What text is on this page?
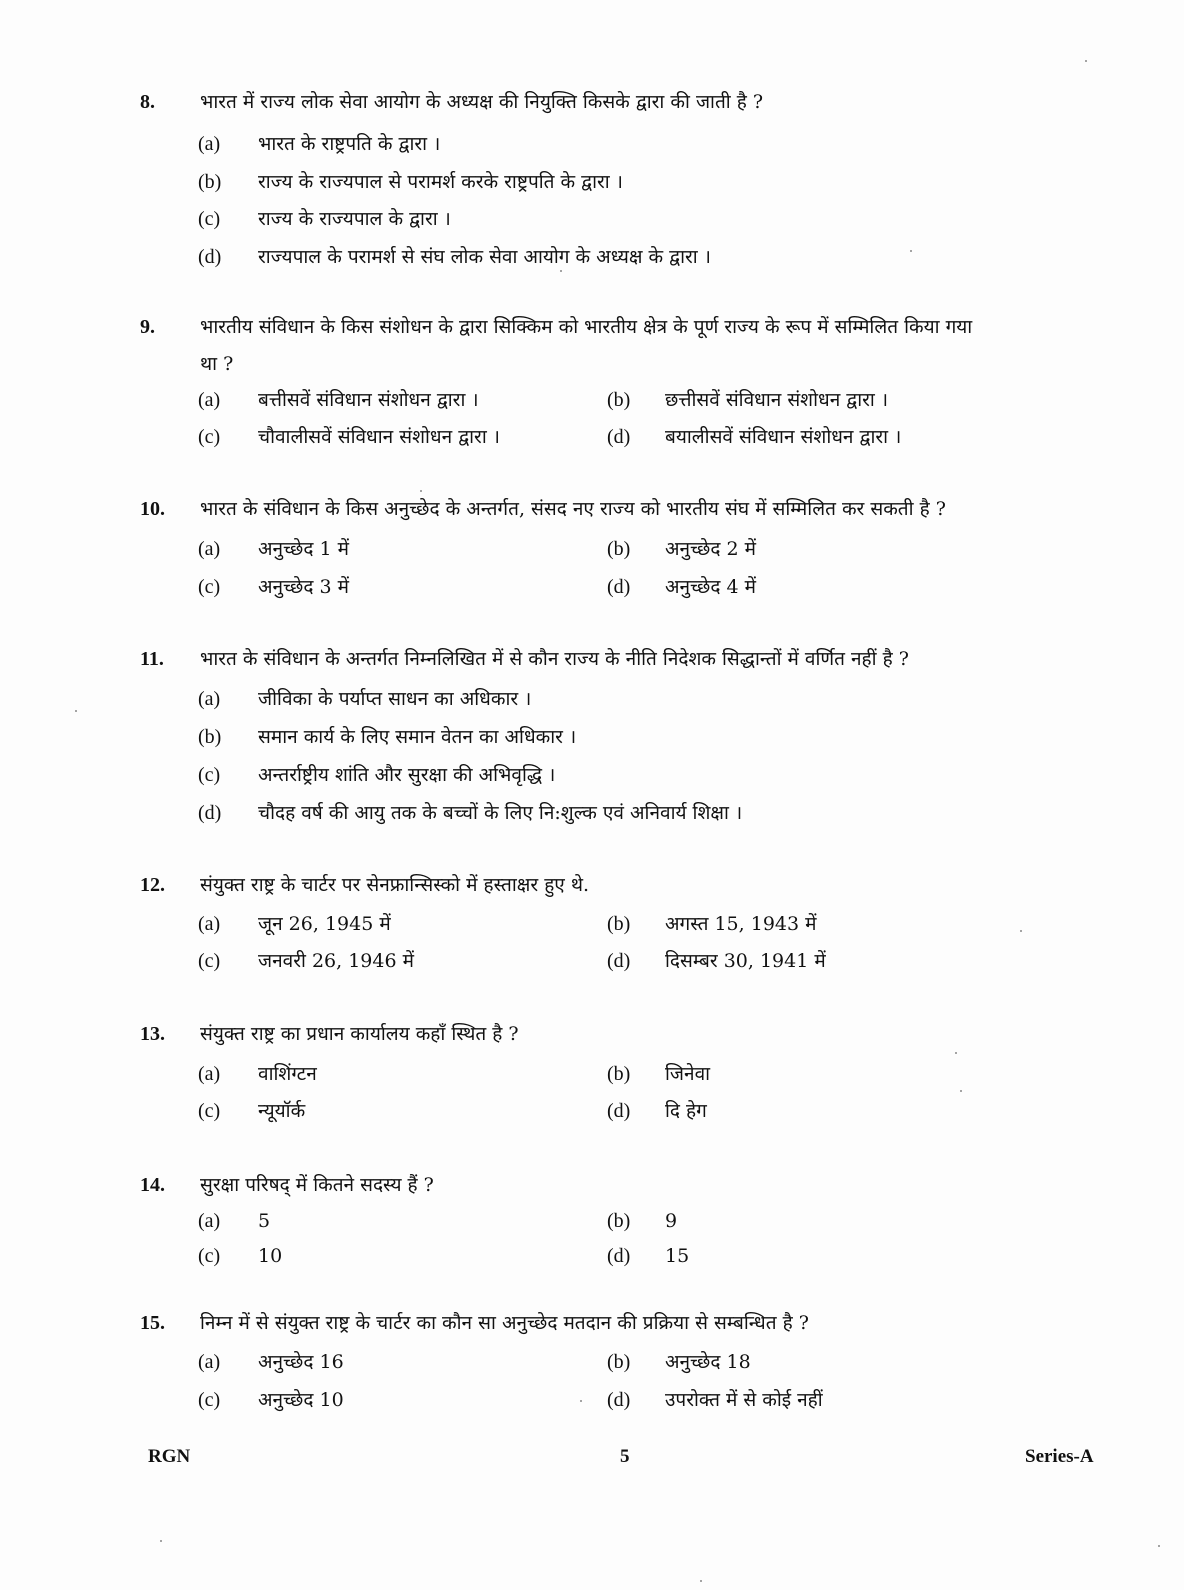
RGN	5	Series-A
8. भारत में राज्य लोक सेवा आयोग के अध्यक्ष की नियुक्ति किसके द्वारा की जाती है ?
(a) भारत के राष्ट्रपति के द्वारा ।
(b) राज्य के राज्यपाल से परामर्श करके राष्ट्रपति के द्वारा ।
(c) राज्य के राज्यपाल के द्वारा ।
(d) राज्यपाल के परामर्श से संघ लोक सेवा आयोग के अध्यक्ष के द्वारा ।
9. भारतीय संविधान के किस संशोधन के द्वारा सिक्किम को भारतीय क्षेत्र के पूर्ण राज्य के रूप में सम्मिलित किया गया
था ?
(a) बत्तीसवें संविधान संशोधन द्वारा ।	(b) छत्तीसवें संविधान संशोधन द्वारा ।
(c) चौवालीसवें संविधान संशोधन द्वारा ।	(d) बयालीसवें संविधान संशोधन द्वारा ।
10. भारत के संविधान के किस अनुच्छेद के अन्तर्गत, संसद नए राज्य को भारतीय संघ में सम्मिलित कर सकती है ?
(a) अनुच्छेद 1 में	(b) अनुच्छेद 2 में
(c) अनुच्छेद 3 में	(d) अनुच्छेद 4 में
11. भारत के संविधान के अन्तर्गत निम्नलिखित में से कौन राज्य के नीति निदेशक सिद्धान्तों में वर्णित नहीं है ?
(a) जीविका के पर्याप्त साधन का अधिकार ।
(b) समान कार्य के लिए समान वेतन का अधिकार ।
(c) अन्तर्राष्ट्रीय शांति और सुरक्षा की अभिवृद्धि ।
(d) चौदह वर्ष की आयु तक के बच्चों के लिए नि:शुल्क एवं अनिवार्य शिक्षा ।
12. संयुक्त राष्ट्र के चार्टर पर सेनफ्रान्सिस्को में हस्ताक्षर हुए थे.
(a) जून 26, 1945 में	(b) अगस्त 15, 1943 में
(c) जनवरी 26, 1946 में	(d) दिसम्बर 30, 1941 में
13. संयुक्त राष्ट्र का प्रधान कार्यालय कहाँ स्थित है ?
(a) वाशिंग्टन	(b) जिनेवा
(c) न्यूयॉर्क	(d) दि हेग
14. सुरक्षा परिषद् में कितने सदस्य हैं ?
(a) 5	(b) 9
(c) 10	(d) 15
15. निम्न में से संयुक्त राष्ट्र के चार्टर का कौन सा अनुच्छेद मतदान की प्रक्रिया से सम्बन्धित है ?
(a) अनुच्छेद 16	(b) अनुच्छेद 18
(c) अनुच्छेद 10	(d) उपरोक्त में से कोई नहीं
